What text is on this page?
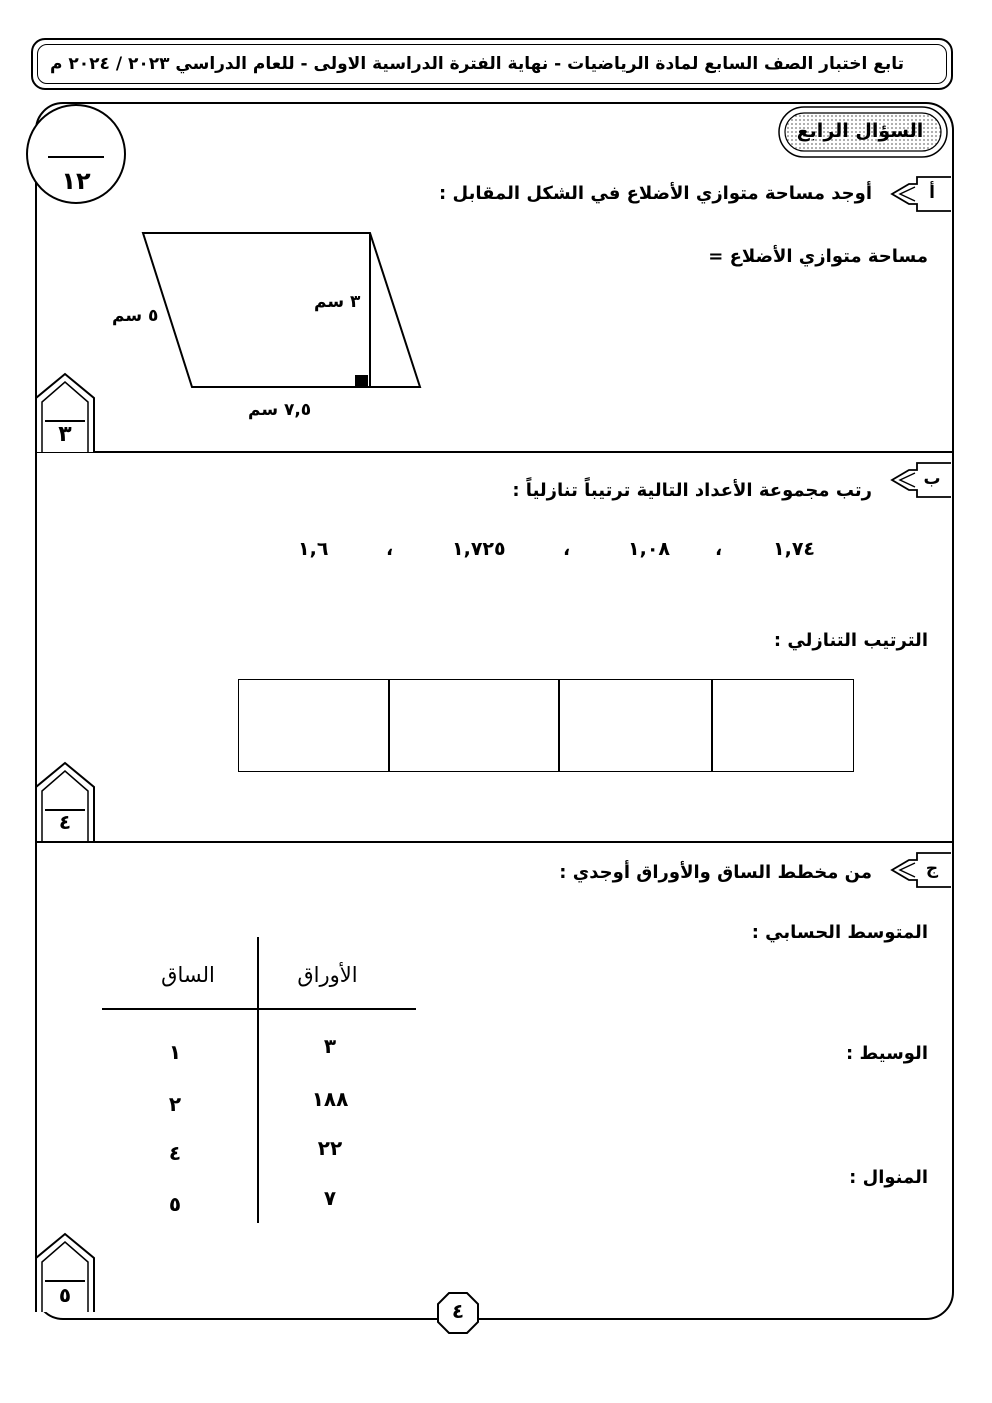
تابع اختبار الصف السابع لمادة الرياضيات - نهاية الفترة الدراسية الاولى - للعام الدراسي ٢٠٢٣ / ٢٠٢٤ م
١٢
السؤال الرابع
أ
أوجد مساحة متوازي الأضلاع في الشكل المقابل :
مساحة متوازي الأضلاع =
٥ سم
٣ سم
٧,٥ سم
٣
ب
رتب مجموعة الأعداد التالية ترتيباً تنازلياً :
١,٧٤
،
١,٠٨
،
١,٧٢٥
،
١,٦
الترتيب التنازلي :
٤
ج
من مخطط الساق والأوراق أوجدي :
المتوسط الحسابي :
الوسيط :
المنوال :
الساق	الأوراق
١	٣
٢	١٨٨
٤	٢٢
٥	٧
٥
٤
